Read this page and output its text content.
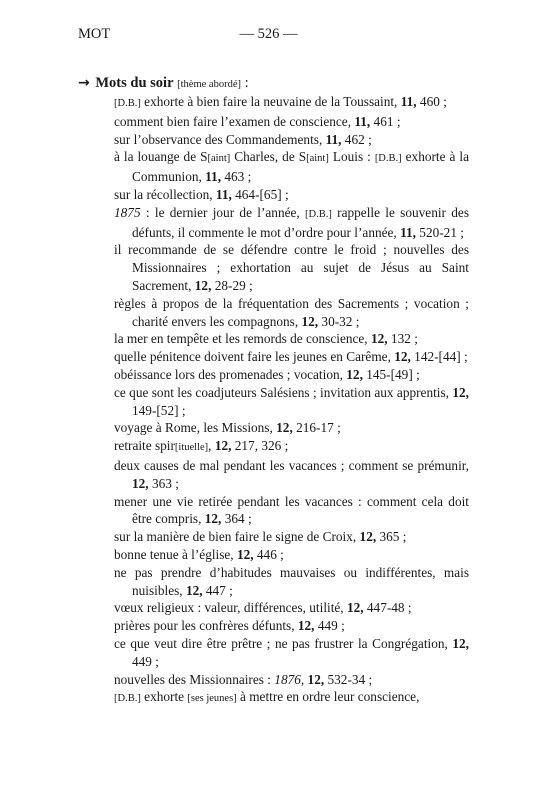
MOT	— 526 —
→ Mots du soir [thème abordé] :
[D.B.] exhorte à bien faire la neuvaine de la Toussaint, 11, 460 ;
comment bien faire l’examen de conscience, 11, 461 ;
sur l’observance des Commandements, 11, 462 ;
à la louange de S[aint] Charles, de S[aint] Louis : [D.B.] exhorte à la Communion, 11, 463 ;
sur la récollection, 11, 464-[65] ;
1875 : le dernier jour de l’année, [D.B.] rappelle le souvenir des défunts, il commente le mot d’ordre pour l’année, 11, 520-21 ;
il recommande de se défendre contre le froid ; nouvelles des Missionnaires ; exhortation au sujet de Jésus au Saint Sacrement, 12, 28-29 ;
règles à propos de la fréquentation des Sacrements ; vocation ; charité envers les compagnons, 12, 30-32 ;
la mer en tempête et les remords de conscience, 12, 132 ;
quelle pénitence doivent faire les jeunes en Carême, 12, 142-[44] ;
obéissance lors des promenades ; vocation, 12, 145-[49] ;
ce que sont les coadjuteurs Salésiens ; invitation aux apprentis, 12, 149-[52] ;
voyage à Rome, les Missions, 12, 216-17 ;
retraite spir[ituelle], 12, 217, 326 ;
deux causes de mal pendant les vacances ; comment se prémunir, 12, 363 ;
mener une vie retirée pendant les vacances : comment cela doit être compris, 12, 364 ;
sur la manière de bien faire le signe de Croix, 12, 365 ;
bonne tenue à l’église, 12, 446 ;
ne pas prendre d’habitudes mauvaises ou indifférentes, mais nuisibles, 12, 447 ;
vœux religieux : valeur, différences, utilité, 12, 447-48 ;
prières pour les confrères défunts, 12, 449 ;
ce que veut dire être prêtre ; ne pas frustrer la Congrégation, 12, 449 ;
nouvelles des Missionnaires : 1876, 12, 532-34 ;
[D.B.] exhorte [ses jeunes] à mettre en ordre leur conscience,
